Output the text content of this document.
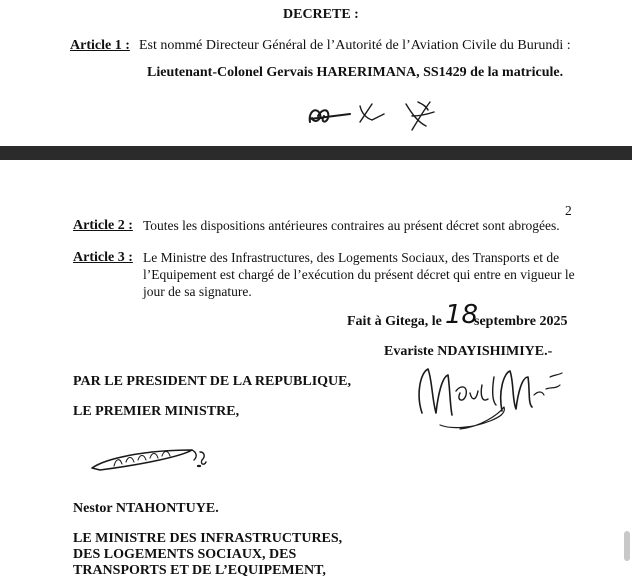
DECRETE :
Article 1 : Est nommé Directeur Général de l’Autorité de l’Aviation Civile du Burundi :
Lieutenant-Colonel Gervais HARERIMANA, SS1429 de la matricule.
2
Article 2 : Toutes les dispositions antérieures contraires au présent décret sont abrogées.
Article 3 : Le Ministre des Infrastructures, des Logements Sociaux, des Transports et de
l’Equipement est chargé de l’exécution du présent décret qui entre en vigueur le
jour de sa signature.
Fait à Gitega, le 18
septembre 2025
Evariste NDAYISHIMIYE.-
PAR LE PRESIDENT DE LA REPUBLIQUE,
LE PREMIER MINISTRE,
Nestor NTAHONTUYE.
LE MINISTRE DES INFRASTRUCTURES,
DES LOGEMENTS SOCIAUX, DES
TRANSPORTS ET DE L’EQUIPEMENT,
